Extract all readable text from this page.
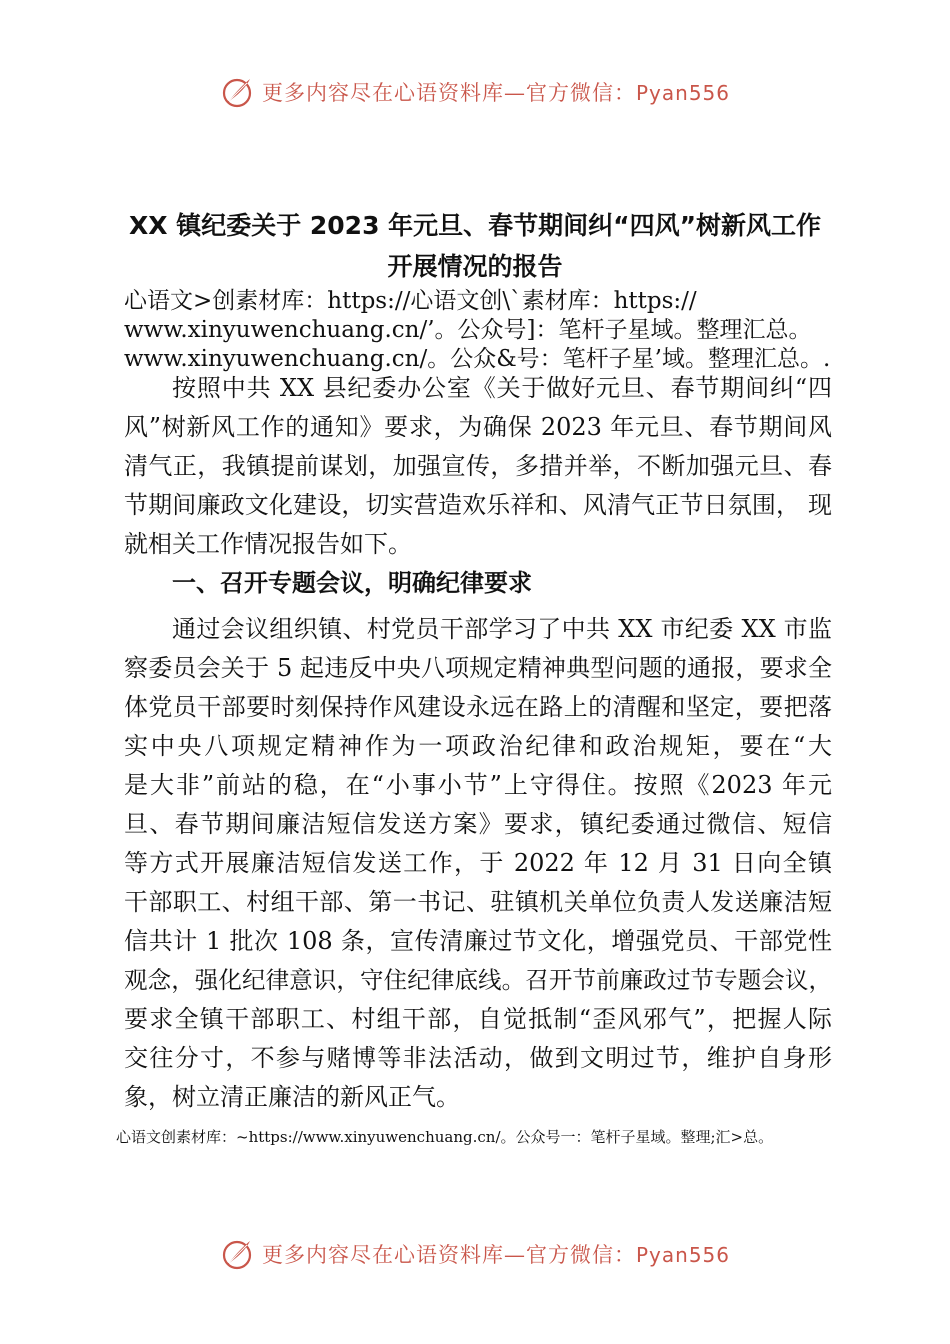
更多内容尽在心语资料库—官方微信：Pyan556
XX 镇纪委关于 2023 年元旦、春节期间纠“四风”树新风工作
开展情况的报告
心语文>创素材库：https://心语文创\`素材库：https://
www.xinyuwenchuang.cn/’。公众号]：笔杆子星域。整理汇总。
www.xinyuwenchuang.cn/。公众&号：笔杆子星’域。整理汇总。.
按照中共 XX 县纪委办公室《关于做好元旦、春节期间纠“四
风”树新风工作的通知》要求，为确保 2023 年元旦、春节期间风
清气正，我镇提前谋划，加强宣传，多措并举，不断加强元旦、春
节期间廉政文化建设，切实营造欢乐祥和、风清气正节日氛围， 现
就相关工作情况报告如下。
一、召开专题会议，明确纪律要求
通过会议组织镇、村党员干部学习了中共 XX 市纪委 XX 市监
察委员会关于 5 起违反中央八项规定精神典型问题的通报，要求全
体党员干部要时刻保持作风建设永远在路上的清醒和坚定，要把落
实中央八项规定精神作为一项政治纪律和政治规矩，要在“大
是大非”前站的稳，在“小事小节”上守得住。按照《2023 年元
旦、春节期间廉洁短信发送方案》要求，镇纪委通过微信、短信
等方式开展廉洁短信发送工作，于 2022 年 12 月 31 日向全镇
干部职工、村组干部、第一书记、驻镇机关单位负责人发送廉洁短
信共计 1 批次 108 条，宣传清廉过节文化，增强党员、干部党性
观念，强化纪律意识，守住纪律底线。召开节前廉政过节专题会议，
要求全镇干部职工、村组干部，自觉抵制“歪风邪气”，把握人际
交往分寸，不参与赌博等非法活动，做到文明过节，维护自身形
象，树立清正廉洁的新风正气。
心语文创素材库：~https://www.xinyuwenchuang.cn/。公众号一：笔杆子星域。整理;汇>总。
更多内容尽在心语资料库—官方微信：Pyan556
